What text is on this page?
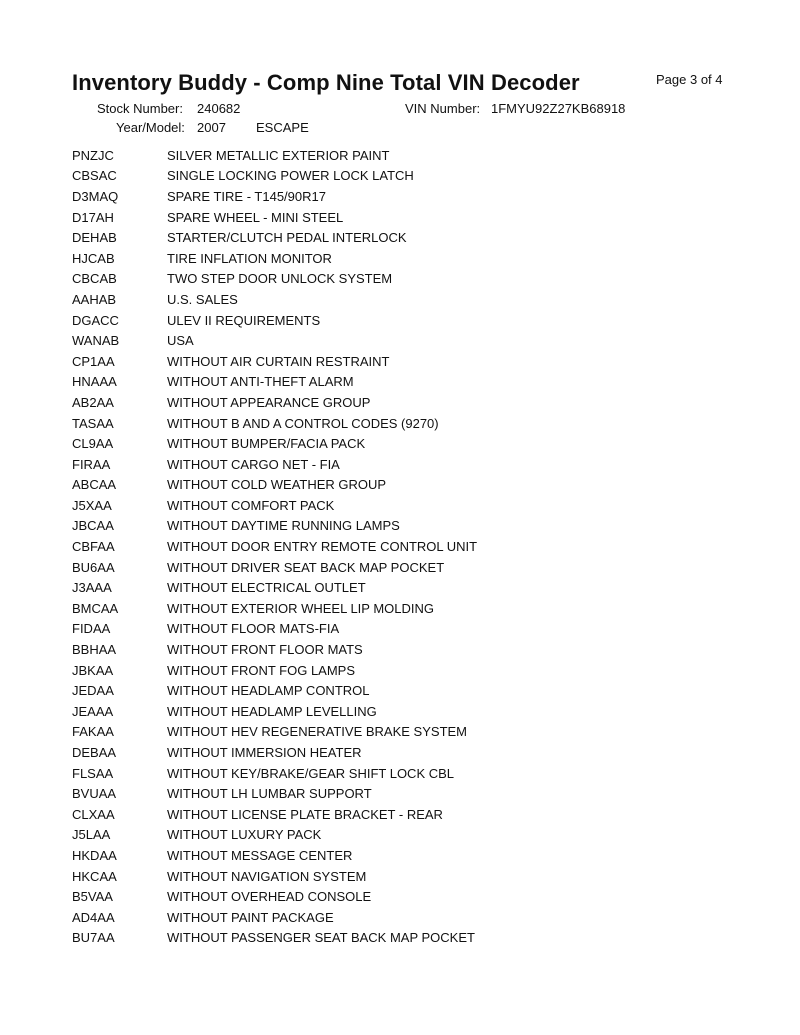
Inventory Buddy - Comp Nine Total VIN Decoder	Page 3 of 4
Stock Number: 240682	VIN Number: 1FMYU92Z27KB68918
Year/Model: 2007 ESCAPE
PNZJC	SILVER METALLIC EXTERIOR PAINT
CBSAC	SINGLE LOCKING POWER LOCK LATCH
D3MAQ	SPARE TIRE - T145/90R17
D17AH	SPARE WHEEL - MINI STEEL
DEHAB	STARTER/CLUTCH PEDAL INTERLOCK
HJCAB	TIRE INFLATION MONITOR
CBCAB	TWO STEP DOOR UNLOCK SYSTEM
AAHAB	U.S. SALES
DGACC	ULEV II REQUIREMENTS
WANAB	USA
CP1AA	WITHOUT AIR CURTAIN RESTRAINT
HNAAA	WITHOUT ANTI-THEFT ALARM
AB2AA	WITHOUT APPEARANCE GROUP
TASAA	WITHOUT B AND A CONTROL CODES (9270)
CL9AA	WITHOUT BUMPER/FACIA PACK
FIRAA	WITHOUT CARGO NET - FIA
ABCAA	WITHOUT COLD WEATHER GROUP
J5XAA	WITHOUT COMFORT PACK
JBCAA	WITHOUT DAYTIME RUNNING LAMPS
CBFAA	WITHOUT DOOR ENTRY REMOTE CONTROL UNIT
BU6AA	WITHOUT DRIVER SEAT BACK MAP POCKET
J3AAA	WITHOUT ELECTRICAL OUTLET
BMCAA	WITHOUT EXTERIOR WHEEL LIP MOLDING
FIDAA	WITHOUT FLOOR MATS-FIA
BBHAA	WITHOUT FRONT FLOOR MATS
JBKAA	WITHOUT FRONT FOG LAMPS
JEDAA	WITHOUT HEADLAMP CONTROL
JEAAA	WITHOUT HEADLAMP LEVELLING
FAKAA	WITHOUT HEV REGENERATIVE BRAKE SYSTEM
DEBAA	WITHOUT IMMERSION HEATER
FLSAA	WITHOUT KEY/BRAKE/GEAR SHIFT LOCK CBL
BVUAA	WITHOUT LH LUMBAR SUPPORT
CLXAA	WITHOUT LICENSE PLATE BRACKET - REAR
J5LAA	WITHOUT LUXURY PACK
HKDAA	WITHOUT MESSAGE CENTER
HKCAA	WITHOUT NAVIGATION SYSTEM
B5VAA	WITHOUT OVERHEAD CONSOLE
AD4AA	WITHOUT PAINT PACKAGE
BU7AA	WITHOUT PASSENGER SEAT BACK MAP POCKET
